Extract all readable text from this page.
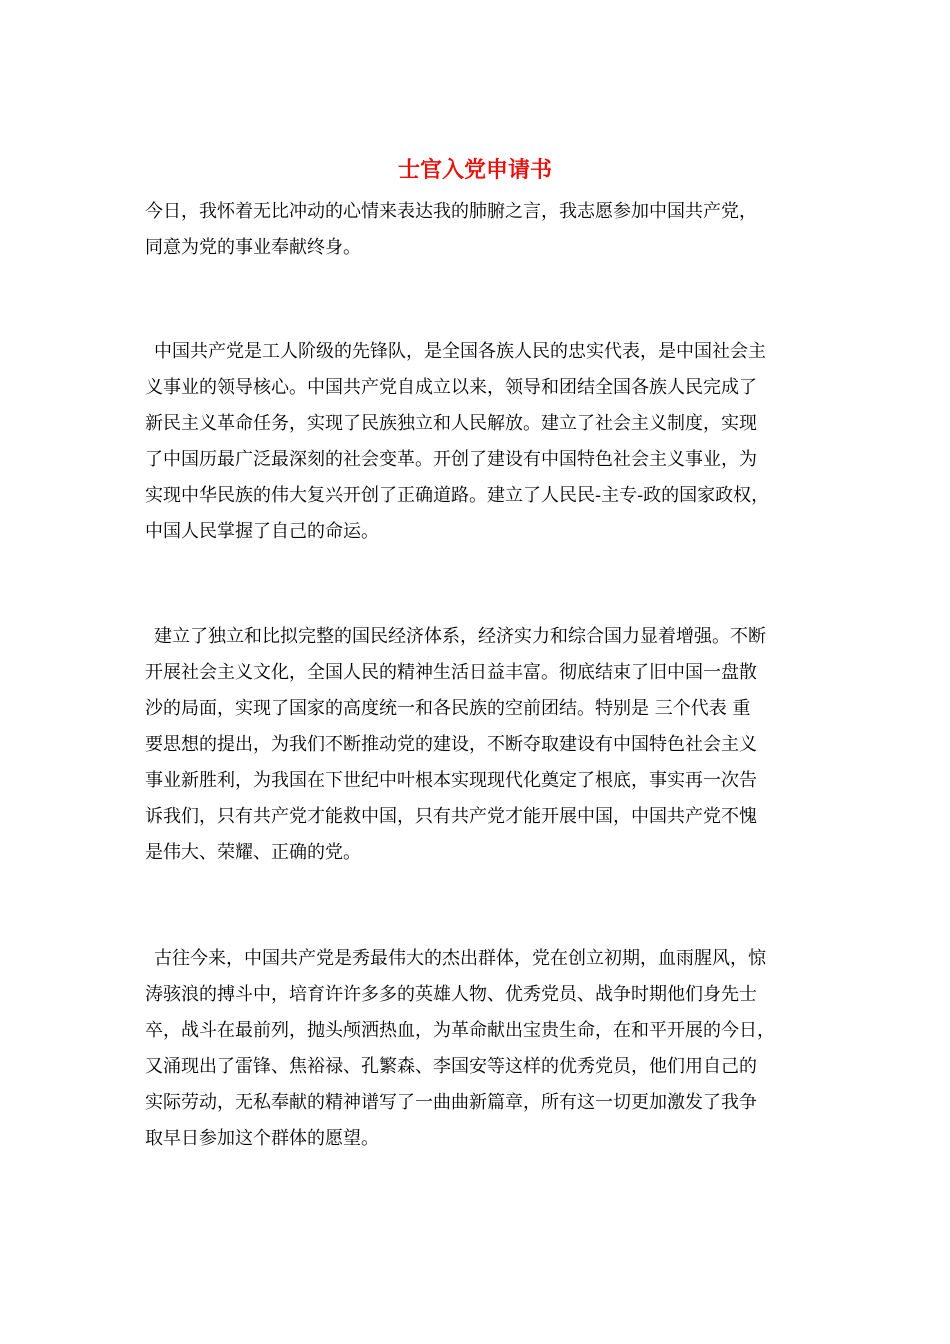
士官入党申请书

今日，我怀着无比冲动的心情来表达我的肺腑之言，我志愿参加中国共产党，

同意为党的事业奉献终身。

中国共产党是工人阶级的先锋队，是全国各族人民的忠实代表，是中国社会主

义事业的领导核心。中国共产党自成立以来，领导和团结全国各族人民完成了

新民主义革命任务，实现了民族独立和人民解放。建立了社会主义制度，实现

了中国历最广泛最深刻的社会变革。开创了建设有中国特色社会主义事业，为

实现中华民族的伟大复兴开创了正确道路。建立了人民民-主专-政的国家政权，

中国人民掌握了自己的命运。

建立了独立和比拟完整的国民经济体系，经济实力和综合国力显着增强。不断

开展社会主义文化，全国人民的精神生活日益丰富。彻底结束了旧中国一盘散

沙的局面，实现了国家的高度统一和各民族的空前团结。特别是 三个代表 重

要思想的提出，为我们不断推动党的建设，不断夺取建设有中国特色社会主义

事业新胜利，为我国在下世纪中叶根本实现现代化奠定了根底，事实再一次告

诉我们，只有共产党才能救中国，只有共产党才能开展中国，中国共产党不愧

是伟大、荣耀、正确的党。

古往今来，中国共产党是秀最伟大的杰出群体，党在创立初期，血雨腥风，惊

涛骇浪的搏斗中，培育许许多多的英雄人物、优秀党员、战争时期他们身先士

卒，战斗在最前列，抛头颅洒热血，为革命献出宝贵生命，在和平开展的今日，

又涌现出了雷锋、焦裕禄、孔繁森、李国安等这样的优秀党员，他们用自己的

实际劳动，无私奉献的精神谱写了一曲曲新篇章，所有这一切更加激发了我争

取早日参加这个群体的愿望。
